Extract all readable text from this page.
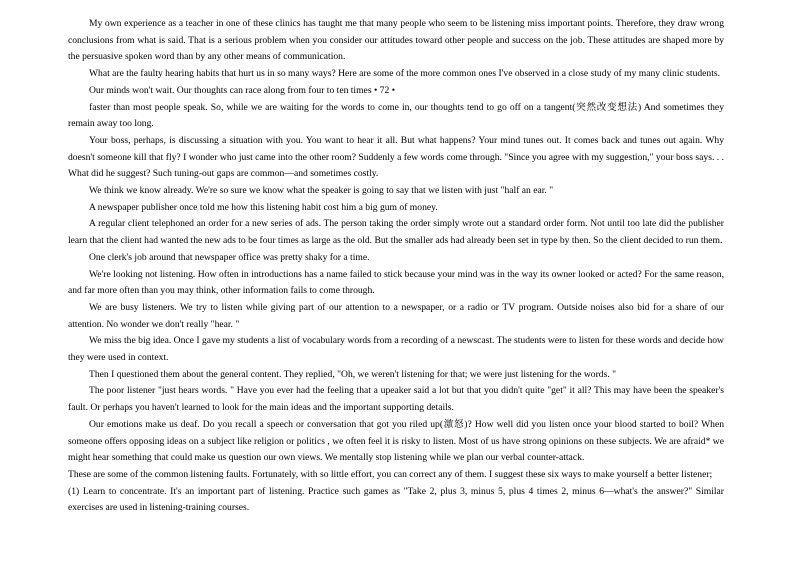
My own experience as a teacher in one of these clinics has taught me that many people who seem to be listening miss important points. Therefore, they draw wrong conclusions from what is said. That is a serious problem when you consider our attitudes toward other people and success on the job. These attitudes are shaped more by the persuasive spoken word than by any other means of communication.

What are the faulty hearing habits that hurt us in so many ways? Here are some of the more common ones I've observed in a close study of my many clinic students.

Our minds won't wait. Our thoughts can race along from four to ten times • 72 •

faster than most people speak. So, while we are waiting for the words to come in, our thoughts tend to go off on a tangent(突然改变想法) And sometimes they remain away too long.

Your boss, perhaps, is discussing a situation with you. You want to hear it all. But what happens? Your mind tunes out. It comes back and tunes out again. Why doesn't someone kill that fly? I wonder who just came into the other room? Suddenly a few words come through. "Since you agree with my suggestion," your boss says. . . What did he suggest? Such tuning-out gaps are common—and sometimes costly.

We think we know already. We're so sure we know what the speaker is going to say that we listen with just "half an ear. "

A newspaper publisher once told me how this listening habit cost him a big gum of money.

A regular client telephoned an order for a new series of ads. The person taking the order simply wrote out a standard order form. Not until too late did the publisher learn that the client had wanted the new ads to be four times as large as the old. But the smaller ads had already been set in type by then. So the client decided to run them.

One clerk's job around that newspaper office was pretty shaky for a time.

We're looking not listening. How often in introductions has a name failed to stick because your mind was in the way its owner looked or acted? For the same reason, and far more often than you may think, other information fails to come through.

We are busy listeners. We try to listen while giving part of our attention to a newspaper, or a radio or TV program. Outside noises also bid for a share of our attention. No wonder we don't really "hear. "

We miss the big idea. Once I gave my students a list of vocabulary words from a recording of a newscast. The students were to listen for these words and decide how they were used in context.

Then I questioned them about the general content. They replied, "Oh, we weren't listening for that; we were just listening for the words. "

The poor listener "just hears words. " Have you ever had the feeling that a upeaker said a lot but that you didn't quite "get" it all? This may have been the speaker's fault. Or perhaps you haven't learned to look for the main ideas and the important supporting details.

Our emotions make us deaf. Do you recall a speech or conversation that got you riled up(激怒)? How well did you listen once your blood started to boil? When someone offers opposing ideas on a subject like religion or politics , we often feel it is risky to listen. Most of us have strong opinions on these subjects. We are afraid* we might hear something that could make us question our own views. We mentally stop listening while we plan our verbal counter-attack.

These are some of the common listening faults. Fortunately, with so little effort, you can correct any of them. I suggest these six ways to make yourself a better listener;

(1) Learn to concentrate. It's an important part of listening. Practice such games as "Take 2, plus 3, minus 5, plus 4 times 2, minus 6—what's the answer?" Similar exercises are used in listening-training courses.
